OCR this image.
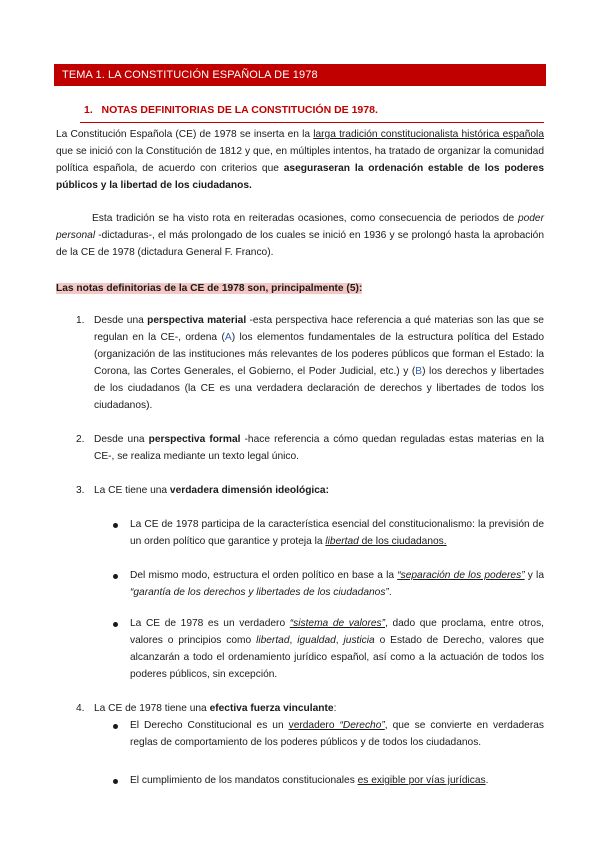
TEMA 1. LA CONSTITUCIÓN ESPAÑOLA DE 1978
1. NOTAS DEFINITORIAS DE LA CONSTITUCIÓN DE 1978.

La Constitución Española (CE) de 1978 se inserta en la larga tradición constitucionalista histórica española que se inició con la Constitución de 1812 y que, en múltiples intentos, ha tratado de organizar la comunidad política española, de acuerdo con criterios que aseguraseran la ordenación estable de los poderes públicos y la libertad de los ciudadanos.

Esta tradición se ha visto rota en reiteradas ocasiones, como consecuencia de periodos de poder personal -dictaduras-, el más prolongado de los cuales se inició en 1936 y se prolongó hasta la aprobación de la CE de 1978 (dictadura General F. Franco).

Las notas definitorias de la CE de 1978 son, principalmente (5):

1. Desde una perspectiva material -esta perspectiva hace referencia a qué materias son las que se regulan en la CE-, ordena (A) los elementos fundamentales de la estructura política del Estado (organización de las instituciones más relevantes de los poderes públicos que forman el Estado: la Corona, las Cortes Generales, el Gobierno, el Poder Judicial, etc.) y (B) los derechos y libertades de los ciudadanos (la CE es una verdadera declaración de derechos y libertades de todos los ciudadanos).

2. Desde una perspectiva formal -hace referencia a cómo quedan reguladas estas materias en la CE-, se realiza mediante un texto legal único.

3. La CE tiene una verdadera dimensión ideológica:

La CE de 1978 participa de la característica esencial del constitucionalismo: la previsión de un orden político que garantice y proteja la libertad de los ciudadanos.

Del mismo modo, estructura el orden político en base a la “separación de los poderes” y la “garantía de los derechos y libertades de los ciudadanos”.

La CE de 1978 es un verdadero “sistema de valores”, dado que proclama, entre otros, valores o principios como libertad, igualdad, justicia o Estado de Derecho, valores que alcanzarán a todo el ordenamiento jurídico español, así como a la actuación de todos los poderes públicos, sin excepción.

4. La CE de 1978 tiene una efectiva fuerza vinculante:

El Derecho Constitucional es un verdadero “Derecho”, que se convierte en verdaderas reglas de comportamiento de los poderes públicos y de todos los ciudadanos.

El cumplimiento de los mandatos constitucionales es exigible por vías jurídicas.
